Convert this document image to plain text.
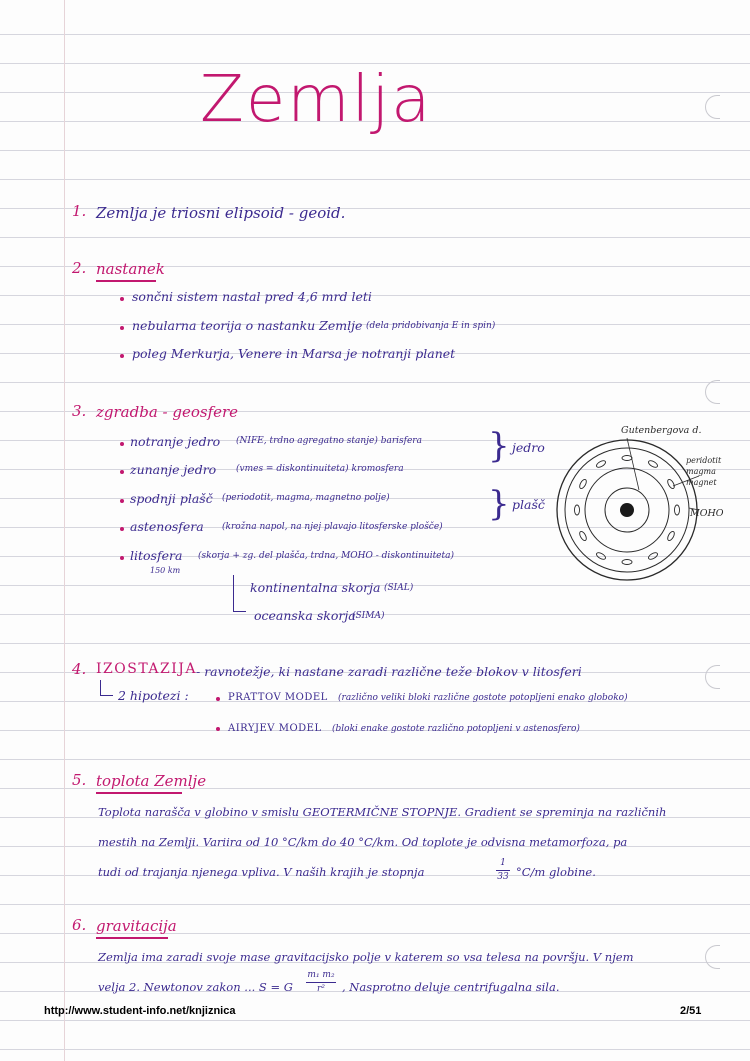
Zemlja
1. Zemlja je triosni elipsoid - geoid.
2. nastanek
sončni sistem nastal pred 4,6 mrd leti
nebularna teorija o nastanku Zemlje (dela pridobivanja E in spin)
poleg Merkurja, Venere in Marsa je notranji planet
3. zgradba - geosfere
notranje jedro (NIFE, trdno agregatno stanje) barisfera
zunanje jedro (vmes = diskontinuiteta) kromosfera
spodnji plašč (periodotit, magma, magnetno polje)
astenosfera (krožna napol, na njej plavajo litosferske plošče)
litosfera (skorja + zg. del plašča, trdna, MOHO - diskontinuiteta)
150 km
} jedro
} plašč
kontinentalna skorja (SIAL)
oceanska skorja
(SIMA)
Gutenbergova d.
peridotit
magma
magnet
MOHO
4. IZOSTAZIJA - ravnotežje, ki nastane zaradi različne teže blokov v litosferi
2 hipotezi :	PRATTOV MODEL (različno veliki bloki različne gostote potopljeni enako globoko)
AIRYJEV MODEL (bloki enake gostote različno potopljeni v astenosfero)
5. toplota Zemlje
Toplota narašča v globino v smislu GEOTERMIČNE STOPNJE. Gradient se spreminja na različnih
mestih na Zemlji. Variira od 10 °C/km do 40 °C/km. Od toplote je odvisna metamorfoza, pa
tudi od trajanja njenega vpliva. V naših krajih je stopnja
1
33 °C/m globine.
6. gravitacija
Zemlja ima zaradi svoje mase gravitacijsko polje v katerem so vsa telesa na površju. V njem
velja 2. Newtonov zakon ... S = G
m₁ m₂
r²	, Nasprotno deluje centrifugalna sila.
http://www.student-info.net/knjiznica	2/51
